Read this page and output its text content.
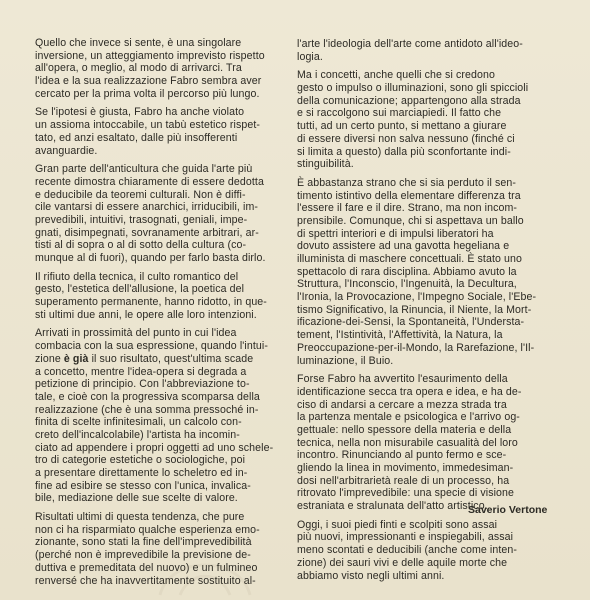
Quello che invece si sente, è una singolare
inversione, un atteggiamento imprevisto rispetto
all'opera, o meglio, al modo di arrivarci. Tra
l'idea e la sua realizzazione Fabro sembra aver
cercato per la prima volta il percorso più lungo.
Se l'ipotesi è giusta, Fabro ha anche violato
un assioma intoccabile, un tabù estetico rispet-
tato, ed anzi esaltato, dalle più insofferenti
avanguardie.
Gran parte dell'anticultura che guida l'arte più
recente dimostra chiaramente di essere dedotta
e deducibile da teoremi culturali. Non è diffi-
cile vantarsi di essere anarchici, irriducibili, im-
prevedibili, intuitivi, trasognati, geniali, impe-
gnati, disimpegnati, sovranamente arbitrari, ar-
tisti al di sopra o al di sotto della cultura (co-
munque al di fuori), quando per farlo basta dirlo.
Il rifiuto della tecnica, il culto romantico del
gesto, l'estetica dell'allusione, la poetica del
superamento permanente, hanno ridotto, in que-
sti ultimi due anni, le opere alle loro intenzioni.
Arrivati in prossimità del punto in cui l'idea
combacia con la sua espressione, quando l'intui-
zione è già il suo risultato, quest'ultima scade
a concetto, mentre l'idea-opera si degrada a
petizione di principio. Con l'abbreviazione to-
tale, e cioè con la progressiva scomparsa della
realizzazione (che è una somma pressoché in-
finita di scelte infinitesimali, un calcolo con-
creto dell'incalcolabile) l'artista ha incomin-
ciato ad appendere i propri oggetti ad uno schele-
tro di categorie estetiche o sociologiche, poi
a presentare direttamente lo scheletro ed in-
fine ad esibire se stesso con l'unica, invalica-
bile, mediazione delle sue scelte di valore.
Risultati ultimi di questa tendenza, che pure
non ci ha risparmiato qualche esperienza emo-
zionante, sono stati la fine dell'imprevedibilità
(perché non è imprevedibile la previsione de-
duttiva e premeditata del nuovo) e un fulmineo
renversé che ha inavvertitamente sostituito al-
l'arte l'ideologia dell'arte come antidoto all'ideo-
logia.
Ma i concetti, anche quelli che si credono
gesto o impulso o illuminazioni, sono gli spiccioli
della comunicazione; appartengono alla strada
e si raccolgono sui marciapiedi. Il fatto che
tutti, ad un certo punto, si mettano a giurare
di essere diversi non salva nessuno (finché ci
si limita a questo) dalla più sconfortante indi-
stinguibilità.
È abbastanza strano che si sia perduto il sen-
timento istintivo della elementare differenza tra
l'essere il fare e il dire. Strano, ma non incom-
prensibile. Comunque, chi si aspettava un ballo
di spettri interiori e di impulsi liberatori ha
dovuto assistere ad una gavotta hegeliana e
illuminista di maschere concettuali. È stato uno
spettacolo di rara disciplina. Abbiamo avuto la
Struttura, l'Inconscio, l'Ingenuità, la Decultura,
l'Ironia, la Provocazione, l'Impegno Sociale, l'Ebe-
tismo Significativo, la Rinuncia, il Niente, la Mort-
ificazione-dei-Sensi, la Spontaneità, l'Understa-
tement, l'Istintività, l'Affettività, la Natura, la
Preoccupazione-per-il-Mondo, la Rarefazione, l'Il-
luminazione, il Buio.
Forse Fabro ha avvertito l'esaurimento della
identificazione secca tra opera e idea, e ha de-
ciso di andarsi a cercare a mezza strada tra
la partenza mentale e psicologica e l'arrivo og-
gettuale: nello spessore della materia e della
tecnica, nella non misurabile casualità del loro
incontro. Rinunciando al punto fermo e sce-
gliendo la linea in movimento, immedesiman-
dosi nell'arbitrarietà reale di un processo, ha
ritrovato l'imprevedibile: una specie di visione
estraniata e stralunata dell'atto artistico.
Oggi, i suoi piedi finti e scolpiti sono assai
più nuovi, impressionanti e inspiegabili, assai
meno scontati e deducibili (anche come inten-
zione) dei sauri vivi e delle aquile morte che
abbiamo visto negli ultimi anni.
Saverio Vertone
